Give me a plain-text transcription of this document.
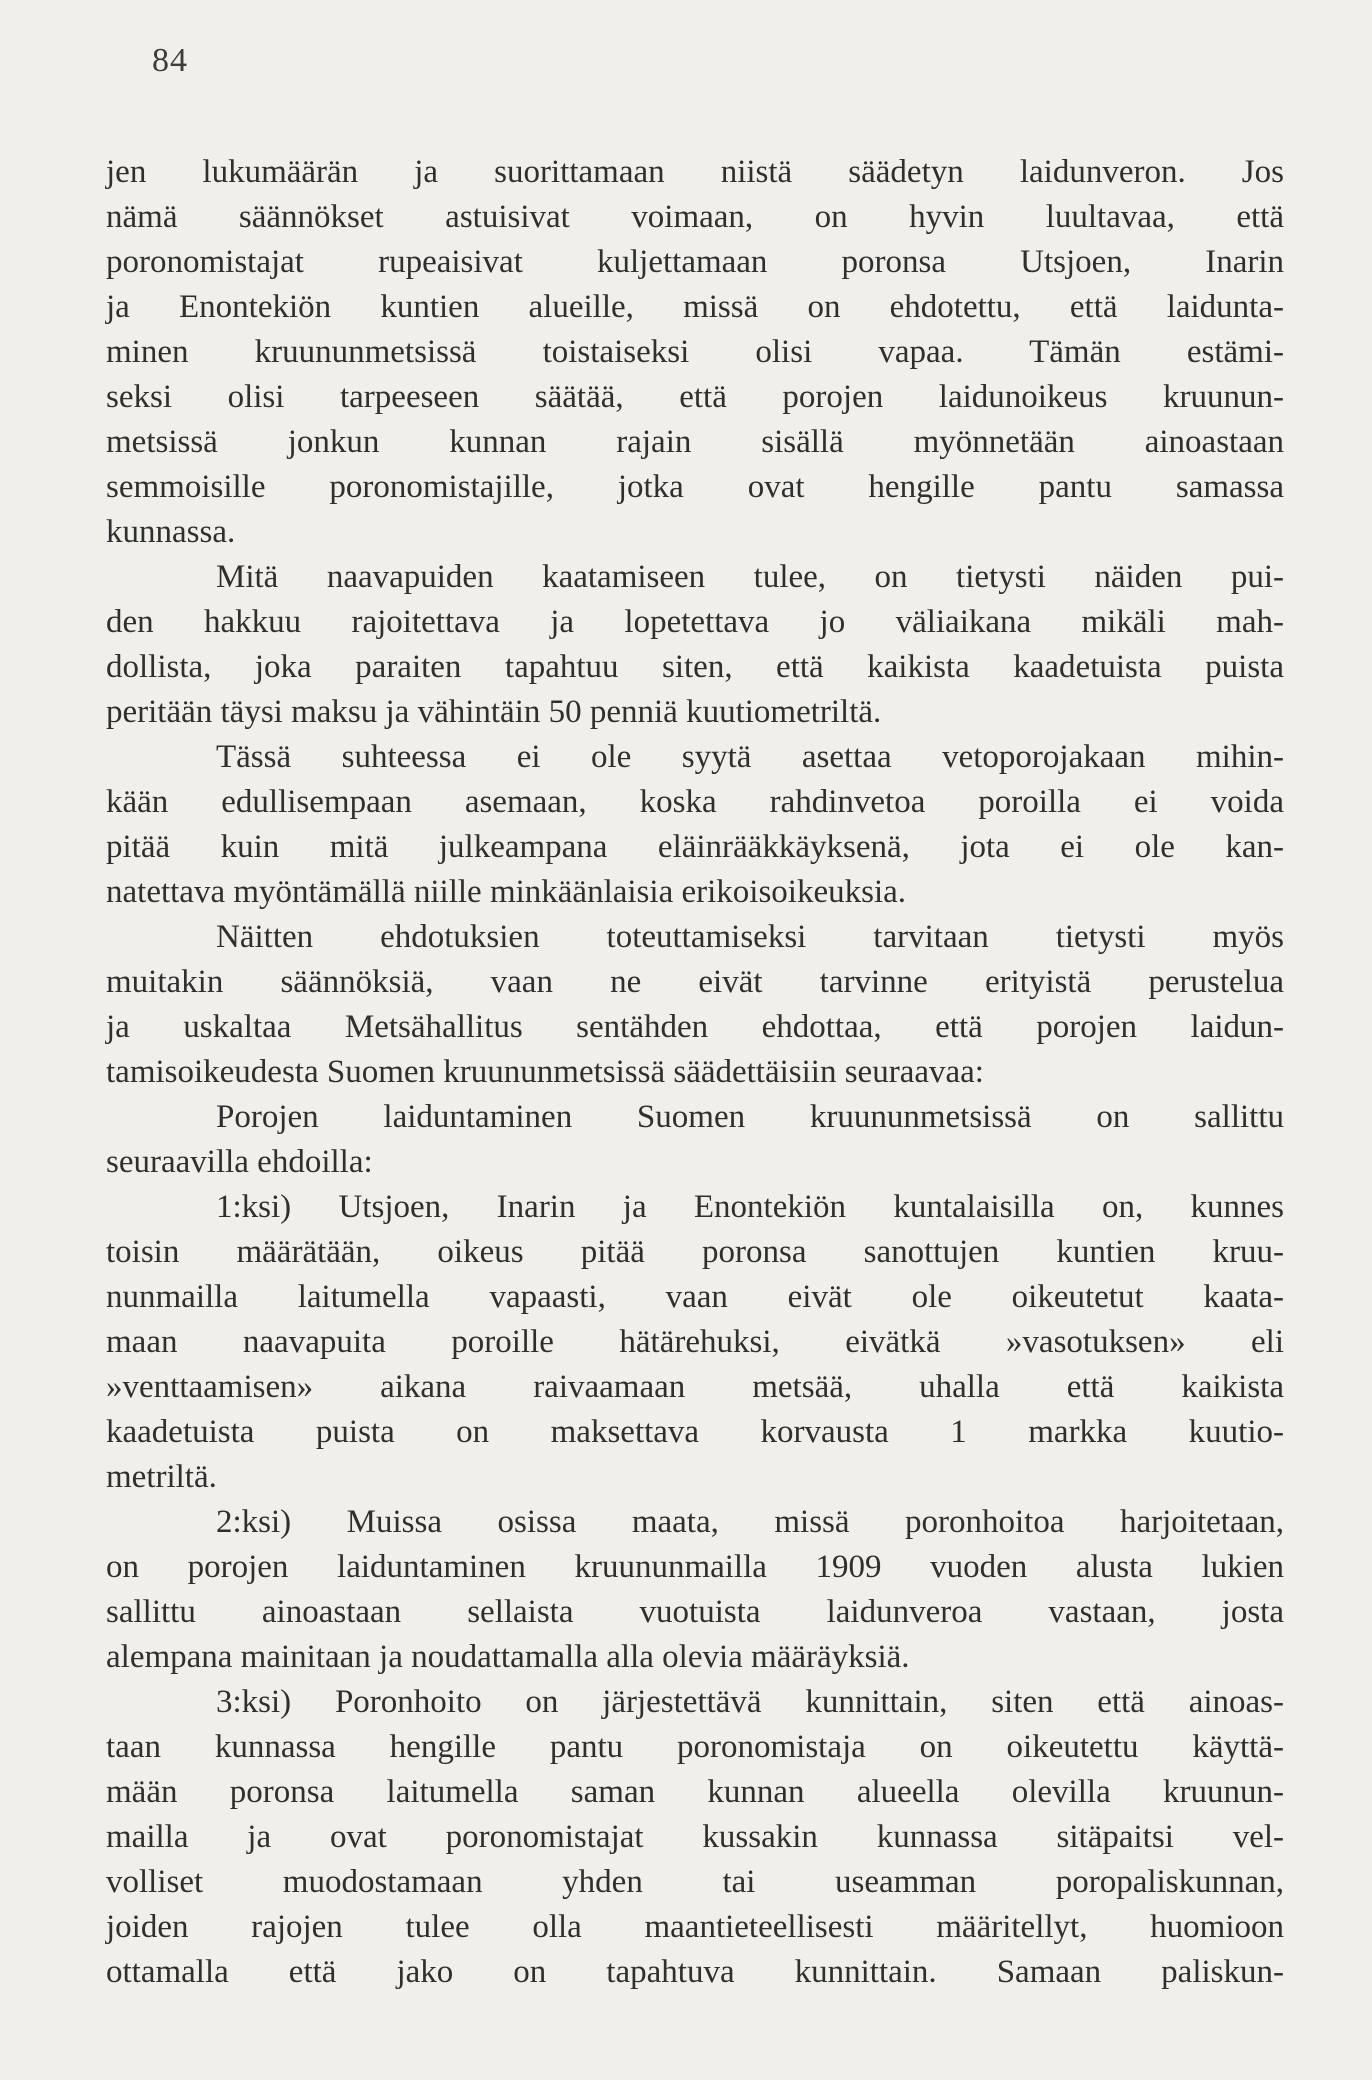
84
jen lukumäärän ja suorittamaan niistä säädetyn laidunveron. Jos
nämä säännökset astuisivat voimaan, on hyvin luultavaa, että
poronomistajat rupeaisivat kuljettamaan poronsa Utsjoen, Inarin
ja Enontekiön kuntien alueille, missä on ehdotettu, että laidunta-
minen kruununmetsissä toistaiseksi olisi vapaa. Tämän estämi-
seksi olisi tarpeeseen säätää, että porojen laidunoikeus kruunun-
metsissä jonkun kunnan rajain sisällä myönnetään ainoastaan
semmoisille poronomistajille, jotka ovat hengille pantu samassa
kunnassa.
Mitä naavapuiden kaatamiseen tulee, on tietysti näiden pui-
den hakkuu rajoitettava ja lopetettava jo väliaikana mikäli mah-
dollista, joka paraiten tapahtuu siten, että kaikista kaadetuista puista
peritään täysi maksu ja vähintäin 50 penniä kuutiometriltä.
Tässä suhteessa ei ole syytä asettaa vetoporojakaan mihin-
kään edullisempaan asemaan, koska rahdinvetoa poroilla ei voida
pitää kuin mitä julkeampana eläinrääkkäyksenä, jota ei ole kan-
natettava myöntämällä niille minkäänlaisia erikoisoikeuksia.
Näitten ehdotuksien toteuttamiseksi tarvitaan tietysti myös
muitakin säännöksiä, vaan ne eivät tarvinne erityistä perustelua
ja uskaltaa Metsähallitus sentähden ehdottaa, että porojen laidun-
tamisoikeudesta Suomen kruununmetsissä säädettäisiin seuraavaa:
Porojen laiduntaminen Suomen kruununmetsissä on sallittu
seuraavilla ehdoilla:
1:ksi) Utsjoen, Inarin ja Enontekiön kuntalaisilla on, kunnes
toisin määrätään, oikeus pitää poronsa sanottujen kuntien kruu-
nunmailla laitumella vapaasti, vaan eivät ole oikeutetut kaata-
maan naavapuita poroille hätärehuksi, eivätkä »vasotuksen» eli
»venttaamisen» aikana raivaamaan metsää, uhalla että kaikista
kaadetuista puista on maksettava korvausta 1 markka kuutio-
metriltä.
2:ksi) Muissa osissa maata, missä poronhoitoa harjoitetaan,
on porojen laiduntaminen kruununmailla 1909 vuoden alusta lukien
sallittu ainoastaan sellaista vuotuista laidunveroa vastaan, josta
alempana mainitaan ja noudattamalla alla olevia määräyksiä.
3:ksi) Poronhoito on järjestettävä kunnittain, siten että ainoas-
taan kunnassa hengille pantu poronomistaja on oikeutettu käyttä-
mään poronsa laitumella saman kunnan alueella olevilla kruunun-
mailla ja ovat poronomistajat kussakin kunnassa sitäpaitsi vel-
volliset muodostamaan yhden tai useamman poropaliskunnan,
joiden rajojen tulee olla maantieteellisesti määritellyt, huomioon
ottamalla että jako on tapahtuva kunnittain. Samaan paliskun-
